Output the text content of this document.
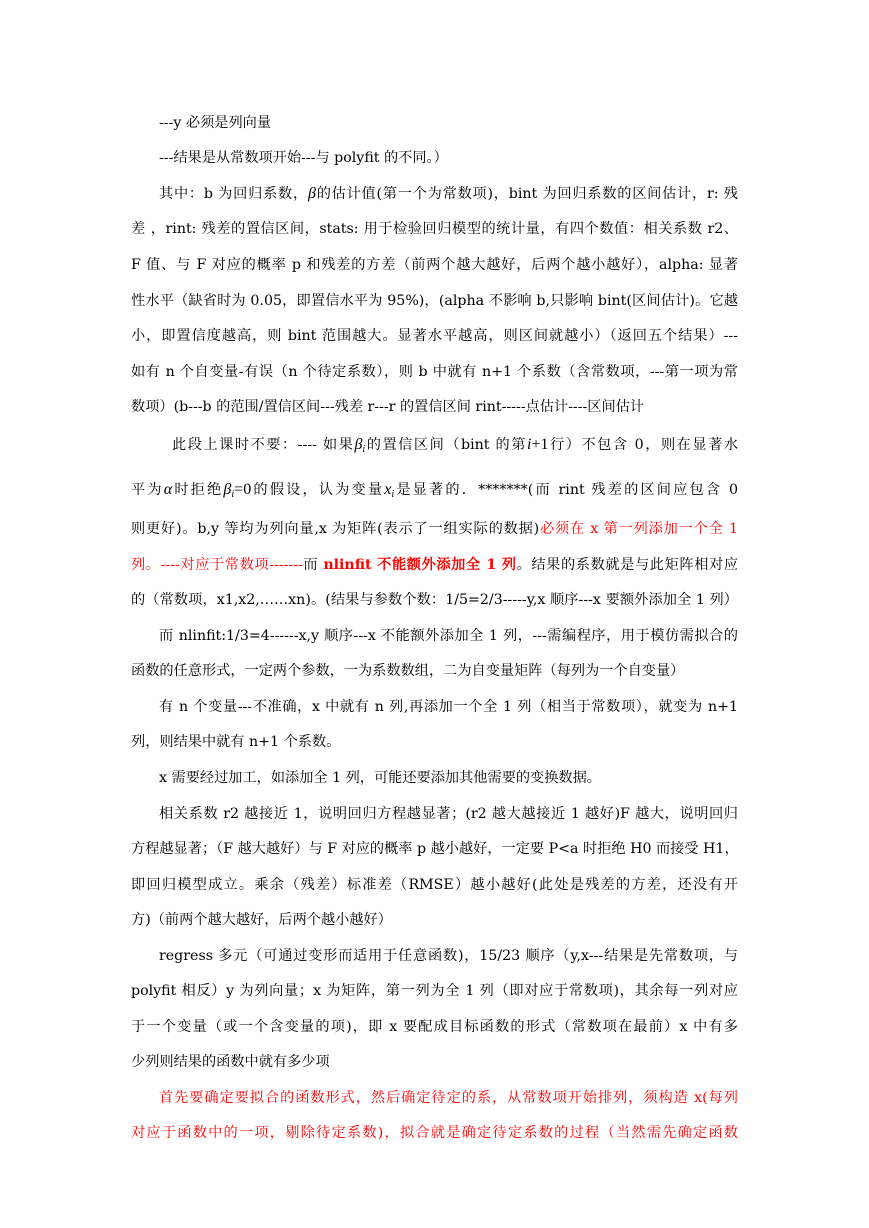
---y 必须是列向量
---结果是从常数项开始---与 polyfit 的不同。）
其中：b 为回归系数，β的估计值(第一个为常数项)，bint 为回归系数的区间估计，r: 残
差 ，rint: 残差的置信区间，stats: 用于检验回归模型的统计量，有四个数值：相关系数 r2、
F 值、与 F 对应的概率 p 和残差的方差（前两个越大越好，后两个越小越好），alpha: 显著
性水平（缺省时为 0.05，即置信水平为 95%)，(alpha 不影响 b,只影响 bint(区间估计)。它越
小，即置信度越高，则 bint 范围越大。显著水平越高，则区间就越小）（返回五个结果）---
如有 n 个自变量-有误（n 个待定系数），则 b 中就有 n+1 个系数（含常数项，---第一项为常
数项）(b---b 的范围/置信区间---残差 r---r 的置信区间 rint-----点估计----区间估计
此段上课时不要：---- 如果$\beta_i$的置信区间（bint 的第i+1行）不包含 0，则在显著水
平为α时拒绝$\beta_i=0$的假设，认为变量$x_i$是显著的．*******(而 rint 残差的区间应包含 0
则更好)。b,y 等均为列向量,x 为矩阵(表示了一组实际的数据)必须在 x 第一列添加一个全 1
列。----对应于常数项-------而 nlinfit 不能额外添加全 1 列。结果的系数就是与此矩阵相对应
的（常数项，x1,x2,……xn)。(结果与参数个数：1/5=2/3-----y,x 顺序---x 要额外添加全 1 列）
而 nlinfit:1/3=4------x,y 顺序---x 不能额外添加全 1 列，---需编程序，用于模仿需拟合的
函数的任意形式，一定两个参数，一为系数数组，二为自变量矩阵（每列为一个自变量）
有 n 个变量---不准确，x 中就有 n 列,再添加一个全 1 列（相当于常数项），就变为 n+1
列，则结果中就有 n+1 个系数。
x 需要经过加工，如添加全 1 列，可能还要添加其他需要的变换数据。
相关系数 r2 越接近 1，说明回归方程越显著；(r2 越大越接近 1 越好)F 越大，说明回归
方程越显著；（F 越大越好）与 F 对应的概率 p 越小越好，一定要 P<a 时拒绝 H0 而接受 H1，
即回归模型成立。乘余（残差）标准差（RMSE）越小越好(此处是残差的方差，还没有开
方)（前两个越大越好，后两个越小越好）
regress 多元（可通过变形而适用于任意函数)，15/23 顺序（y,x---结果是先常数项，与
polyfit 相反）y 为列向量；x 为矩阵，第一列为全 1 列（即对应于常数项)，其余每一列对应
于一个变量（或一个含变量的项)，即 x 要配成目标函数的形式（常数项在最前）x 中有多
少列则结果的函数中就有多少项
首先要确定要拟合的函数形式，然后确定待定的系，从常数项开始排列，须构造 x(每列
对应于函数中的一项，剔除待定系数)，拟合就是确定待定系数的过程（当然需先确定函数
